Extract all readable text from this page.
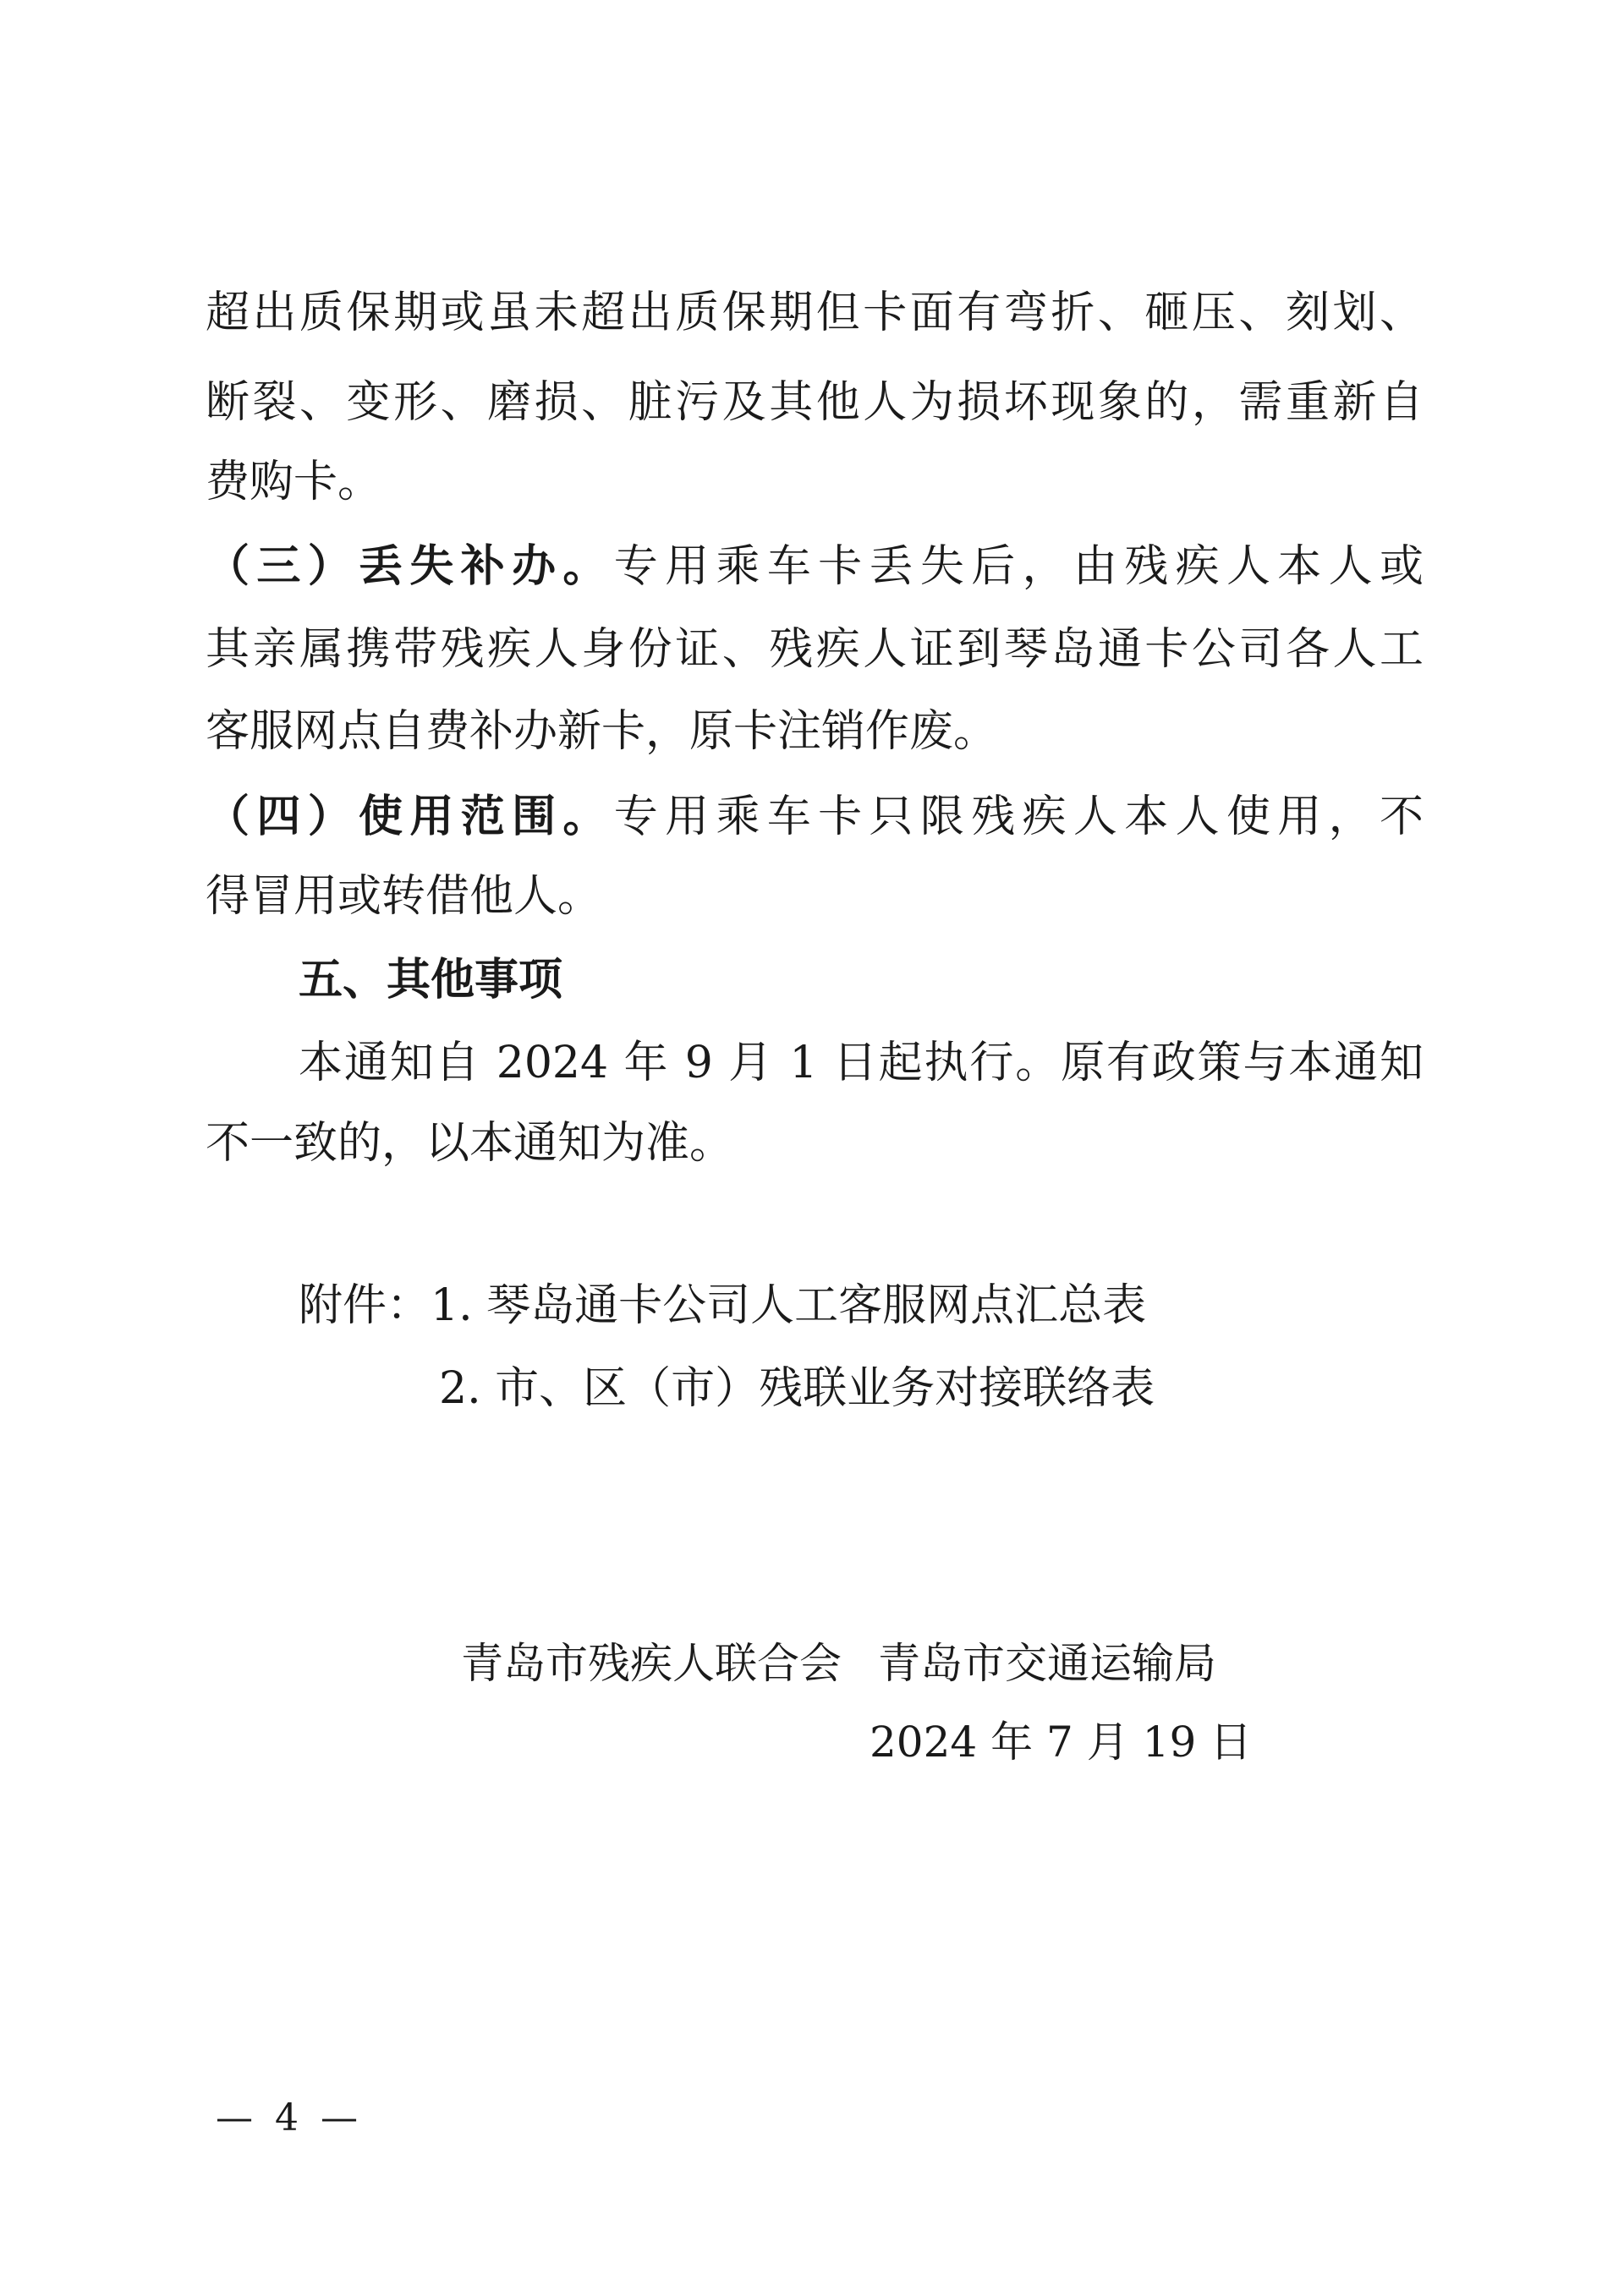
超出质保期或虽未超出质保期但卡面有弯折、砸压、刻划、
断裂、变形、磨损、脏污及其他人为损坏现象的，需重新自
费购卡。
（三）丢失补办。专用乘车卡丢失后，由残疾人本人或
其亲属携带残疾人身份证、残疾人证到琴岛通卡公司各人工
客服网点自费补办新卡，原卡注销作废。
（四）使用范围。专用乘车卡只限残疾人本人使用，不
得冒用或转借他人。
五、其他事项
本通知自 2024 年 9 月 1 日起执行。原有政策与本通知
不一致的，以本通知为准。
附件：1. 琴岛通卡公司人工客服网点汇总表
2. 市、区（市）残联业务对接联络表
青岛市残疾人联合会 青岛市交通运输局
2024 年 7 月 19 日
— 4 —
